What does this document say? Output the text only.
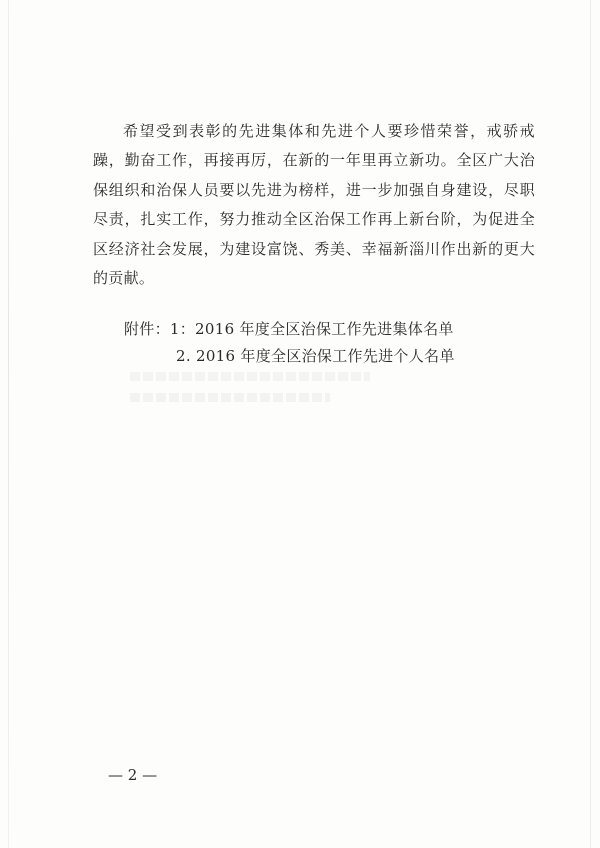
希望受到表彰的先进集体和先进个人要珍惜荣誉，戒骄戒躁，勤奋工作，再接再厉，在新的一年里再立新功。全区广大治保组织和治保人员要以先进为榜样，进一步加强自身建设，尽职尽责，扎实工作，努力推动全区治保工作再上新台阶，为促进全区经济社会发展，为建设富饶、秀美、幸福新淄川作出新的更大的贡献。

附件：1：2016 年度全区治保工作先进集体名单
2. 2016 年度全区治保工作先进个人名单
— 2 —
